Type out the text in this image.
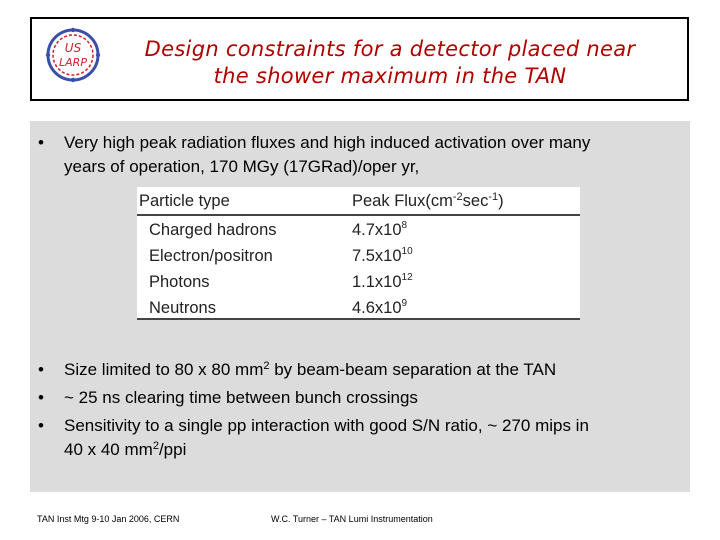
US
LARP
Design constraints for a detector placed near
the shower maximum in the TAN
• Very high peak radiation fluxes and high induced activation over many
years of operation, 170 MGy (17GRad)/oper yr,
Particle type	Peak $Flux(cm^{-2}\sec^{-1})$
Charged hadrons	$4.7x10^8$
Electron/positron	$7.5x10^{10}$
Photons	$1.1x10^{12}$
Neutrons	$4.6x10^9$
• Size limited to 80 x 80 $mm^2$ by beam-beam separation at the TAN
• ~ 25 ns clearing time between bunch crossings
• Sensitivity to a single pp interaction with good S/N ratio, ~ 270 mips in
40 x 40 $mm^2$/ppi
TAN Inst Mtg 9-10 Jan 2006, CERN	W.C. Turner – TAN Lumi Instrumentation
